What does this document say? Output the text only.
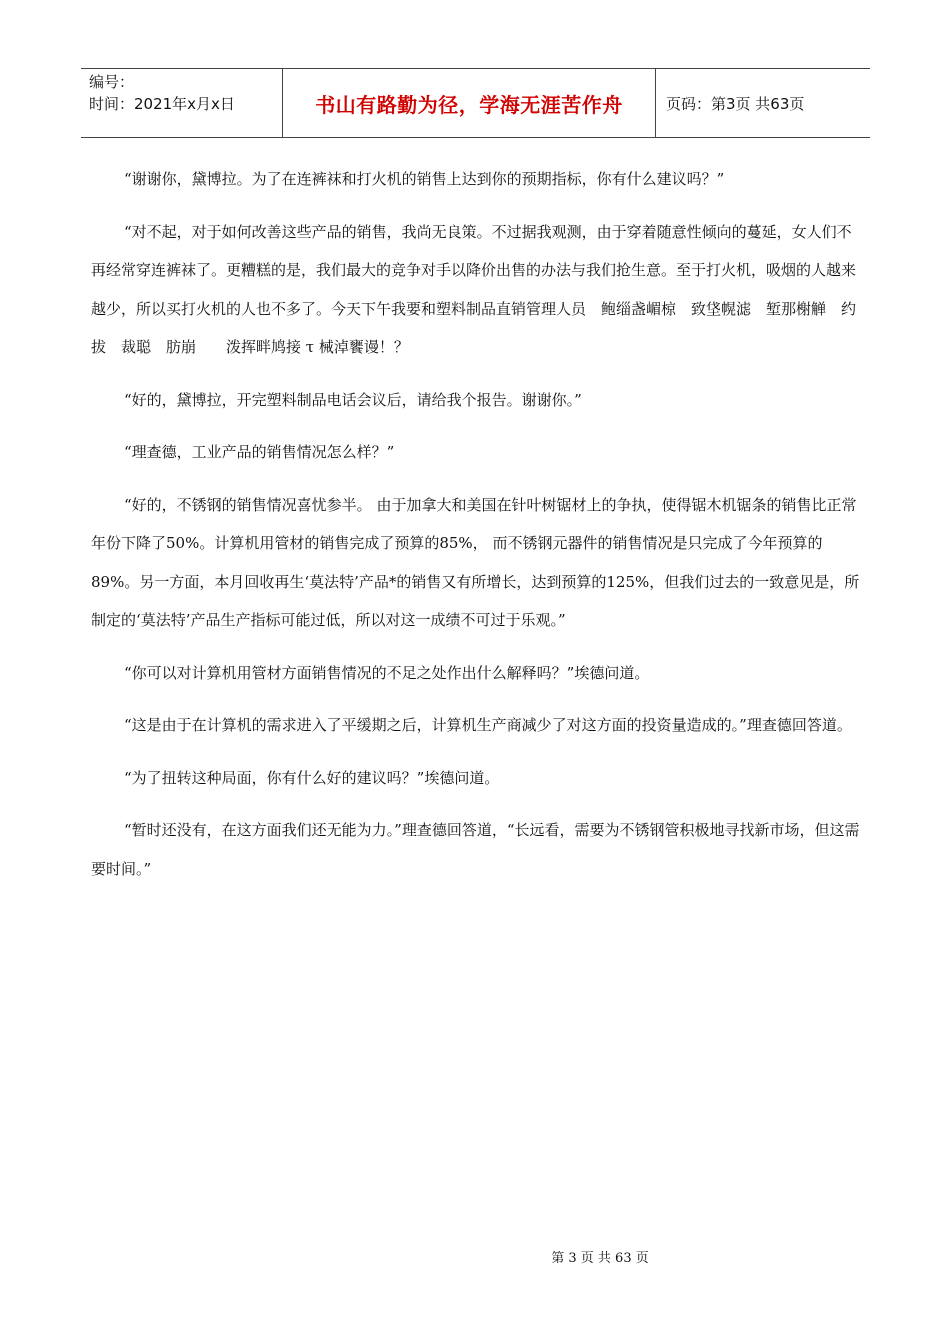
编号：
时间：2021年x月x日	书山有路勤为径，学海无涯苦作舟	页码：第3页 共63页

“谢谢你，黛博拉。为了在连裤袜和打火机的销售上达到你的预期指标，你有什么建议吗？”

“对不起，对于如何改善这些产品的销售，我尚无良策。不过据我观测，由于穿着随意性倾向的蔓延，女人们不再经常穿连裤袜了。更糟糕的是，我们最大的竞争对手以降价出售的办法与我们抢生意。至于打火机，吸烟的人越来越少，所以买打火机的人也不多了。今天下午我要和塑料制品直销管理人员　鲍缁盏嵋椋　致垡幌滤　堑那榭觯　约拔　裁聪　肪崩　　泼挥畔鸠接 τ 械淖饔谩！？

“好的，黛博拉，开完塑料制品电话会议后，请给我个报告。谢谢你。”

“理查德，工业产品的销售情况怎么样？”

“好的，不锈钢的销售情况喜忧参半。 由于加拿大和美国在针叶树锯材上的争执，使得锯木机锯条的销售比正常年份下降了50%。计算机用管材的销售完成了预算的85%， 而不锈钢元器件的销售情况是只完成了今年预算的89%。另一方面，本月回收再生‘莫法特’产品*的销售又有所增长，达到预算的125%，但我们过去的一致意见是，所制定的‘莫法特’产品生产指标可能过低，所以对这一成绩不可过于乐观。”

“你可以对计算机用管材方面销售情况的不足之处作出什么解释吗？”埃德问道。

“这是由于在计算机的需求进入了平缓期之后，计算机生产商减少了对这方面的投资量造成的。”理查德回答道。

“为了扭转这种局面，你有什么好的建议吗？”埃德问道。

“暂时还没有，在这方面我们还无能为力。”理查德回答道，“长远看，需要为不锈钢管积极地寻找新市场，但这需要时间。”

第 3 页 共 63 页
